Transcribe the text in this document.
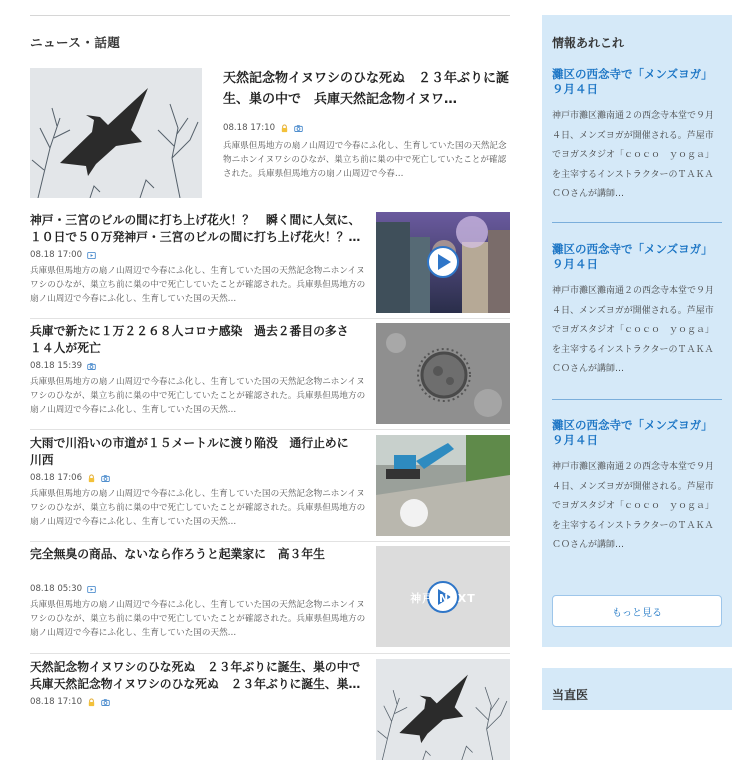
ニュース・話題
天然記念物イヌワシのひな死ぬ　２３年ぶりに誕生、巣の中で　兵庫天然記念物イヌワ…
08.18 17:10
兵庫県但馬地方の扇ノ山周辺で今春にふ化し、生育していた国の天然記念物ニホンイヌワシのひなが、巣立ち前に巣の中で死亡していたことが確認された。兵庫県但馬地方の扇ノ山周辺で今春…
神戸・三宮のビルの間に打ち上げ花火！？　瞬く間に人気に、１０日で５０万発神戸・三宮のビルの間に打ち上げ花火！？…
08.18 17:00
兵庫県但馬地方の扇ノ山周辺で今春にふ化し、生育していた国の天然記念物ニホンイヌワシのひなが、巣立ち前に巣の中で死亡していたことが確認された。兵庫県但馬地方の扇ノ山周辺で今春にふ化し、生育していた国の天然…
兵庫で新たに１万２２６８人コロナ感染　過去２番目の多さ　１４人が死亡
08.18 15:39
兵庫県但馬地方の扇ノ山周辺で今春にふ化し、生育していた国の天然記念物ニホンイヌワシのひなが、巣立ち前に巣の中で死亡していたことが確認された。兵庫県但馬地方の扇ノ山周辺で今春にふ化し、生育していた国の天然…
大雨で川沿いの市道が１５メートルに渡り陥没　通行止めに　川西
08.18 17:06
兵庫県但馬地方の扇ノ山周辺で今春にふ化し、生育していた国の天然記念物ニホンイヌワシのひなが、巣立ち前に巣の中で死亡していたことが確認された。兵庫県但馬地方の扇ノ山周辺で今春にふ化し、生育していた国の天然…
完全無臭の商品、ないなら作ろうと起業家に　高３年生
08.18 05:30
兵庫県但馬地方の扇ノ山周辺で今春にふ化し、生育していた国の天然記念物ニホンイヌワシのひなが、巣立ち前に巣の中で死亡していたことが確認された。兵庫県但馬地方の扇ノ山周辺で今春にふ化し、生育していた国の天然…
神戸 NEXT
天然記念物イヌワシのひな死ぬ　２３年ぶりに誕生、巣の中で　兵庫天然記念物イヌワシのひな死ぬ　２３年ぶりに誕生、巣…
08.18 17:10
情報あれこれ
灘区の西念寺で「メンズヨガ」９月４日
神戸市灘区灘南通２の西念寺本堂で９月４日、メンズヨガが開催される。芦屋市でヨガスタジオ「ｃｏｃｏ　ｙｏｇａ」を主宰するインストラクターのＴＡＫＡＣＯさんが講師…
灘区の西念寺で「メンズヨガ」９月４日
神戸市灘区灘南通２の西念寺本堂で９月４日、メンズヨガが開催される。芦屋市でヨガスタジオ「ｃｏｃｏ　ｙｏｇａ」を主宰するインストラクターのＴＡＫＡＣＯさんが講師…
灘区の西念寺で「メンズヨガ」９月４日
神戸市灘区灘南通２の西念寺本堂で９月４日、メンズヨガが開催される。芦屋市でヨガスタジオ「ｃｏｃｏ　ｙｏｇａ」を主宰するインストラクターのＴＡＫＡＣＯさんが講師…
もっと見る
当直医
